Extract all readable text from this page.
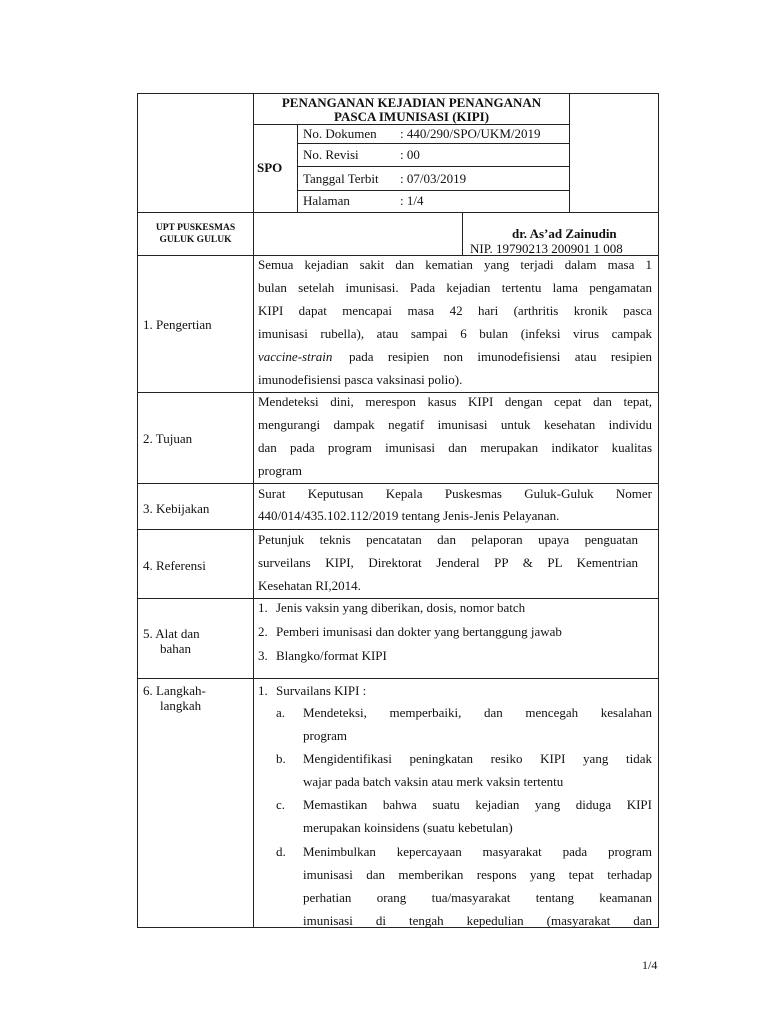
PENANGANAN KEJADIAN PENANGANAN
PASCA IMUNISASI (KIPI)
SPO
No. Dokumen : 440/290/SPO/UKM/2019
No. Revisi	: 00
Tanggal Terbit : 07/03/2019
Halaman	: 1/4
UPT PUSKESMAS
GULUK GULUK	dr. As’ad Zainudin
NIP. 19790213 200901 1 008
1. Pengertian
Semua kejadian sakit dan kematian yang terjadi dalam masa 1
bulan setelah imunisasi. Pada kejadian tertentu lama pengamatan
KIPI dapat mencapai masa 42 hari (arthritis kronik pasca
imunisasi rubella), atau sampai 6 bulan (infeksi virus campak
vaccine-strain pada resipien non imunodefisiensi atau resipien
imunodefisiensi pasca vaksinasi polio).
2. Tujuan
Mendeteksi dini, merespon kasus KIPI dengan cepat dan tepat,
mengurangi dampak negatif imunisasi untuk kesehatan individu
dan pada program imunisasi dan merupakan indikator kualitas
program
3. Kebijakan
Surat Keputusan Kepala Puskesmas Guluk-Guluk Nomer
440/014/435.102.112/2019 tentang Jenis-Jenis Pelayanan.
4. Referensi
Petunjuk teknis pencatatan dan pelaporan upaya penguatan
surveilans KIPI, Direktorat Jenderal PP & PL Kementrian
Kesehatan RI,2014.
5. Alat dan
bahan
1. Jenis vaksin yang diberikan, dosis, nomor batch
2. Pemberi imunisasi dan dokter yang bertanggung jawab
3. Blangko/format KIPI
6. Langkah-
langkah
1. Survailans KIPI :
a. Mendeteksi, memperbaiki, dan mencegah kesalahan
program
b. Mengidentifikasi peningkatan resiko KIPI yang tidak
wajar pada batch vaksin atau merk vaksin tertentu
c. Memastikan bahwa suatu kejadian yang diduga KIPI
merupakan koinsidens (suatu kebetulan)
d. Menimbulkan kepercayaan masyarakat pada program
imunisasi dan memberikan respons yang tepat terhadap
perhatian orang tua/masyarakat tentang keamanan
imunisasi di tengah kepedulian (masyarakat dan
1/4
